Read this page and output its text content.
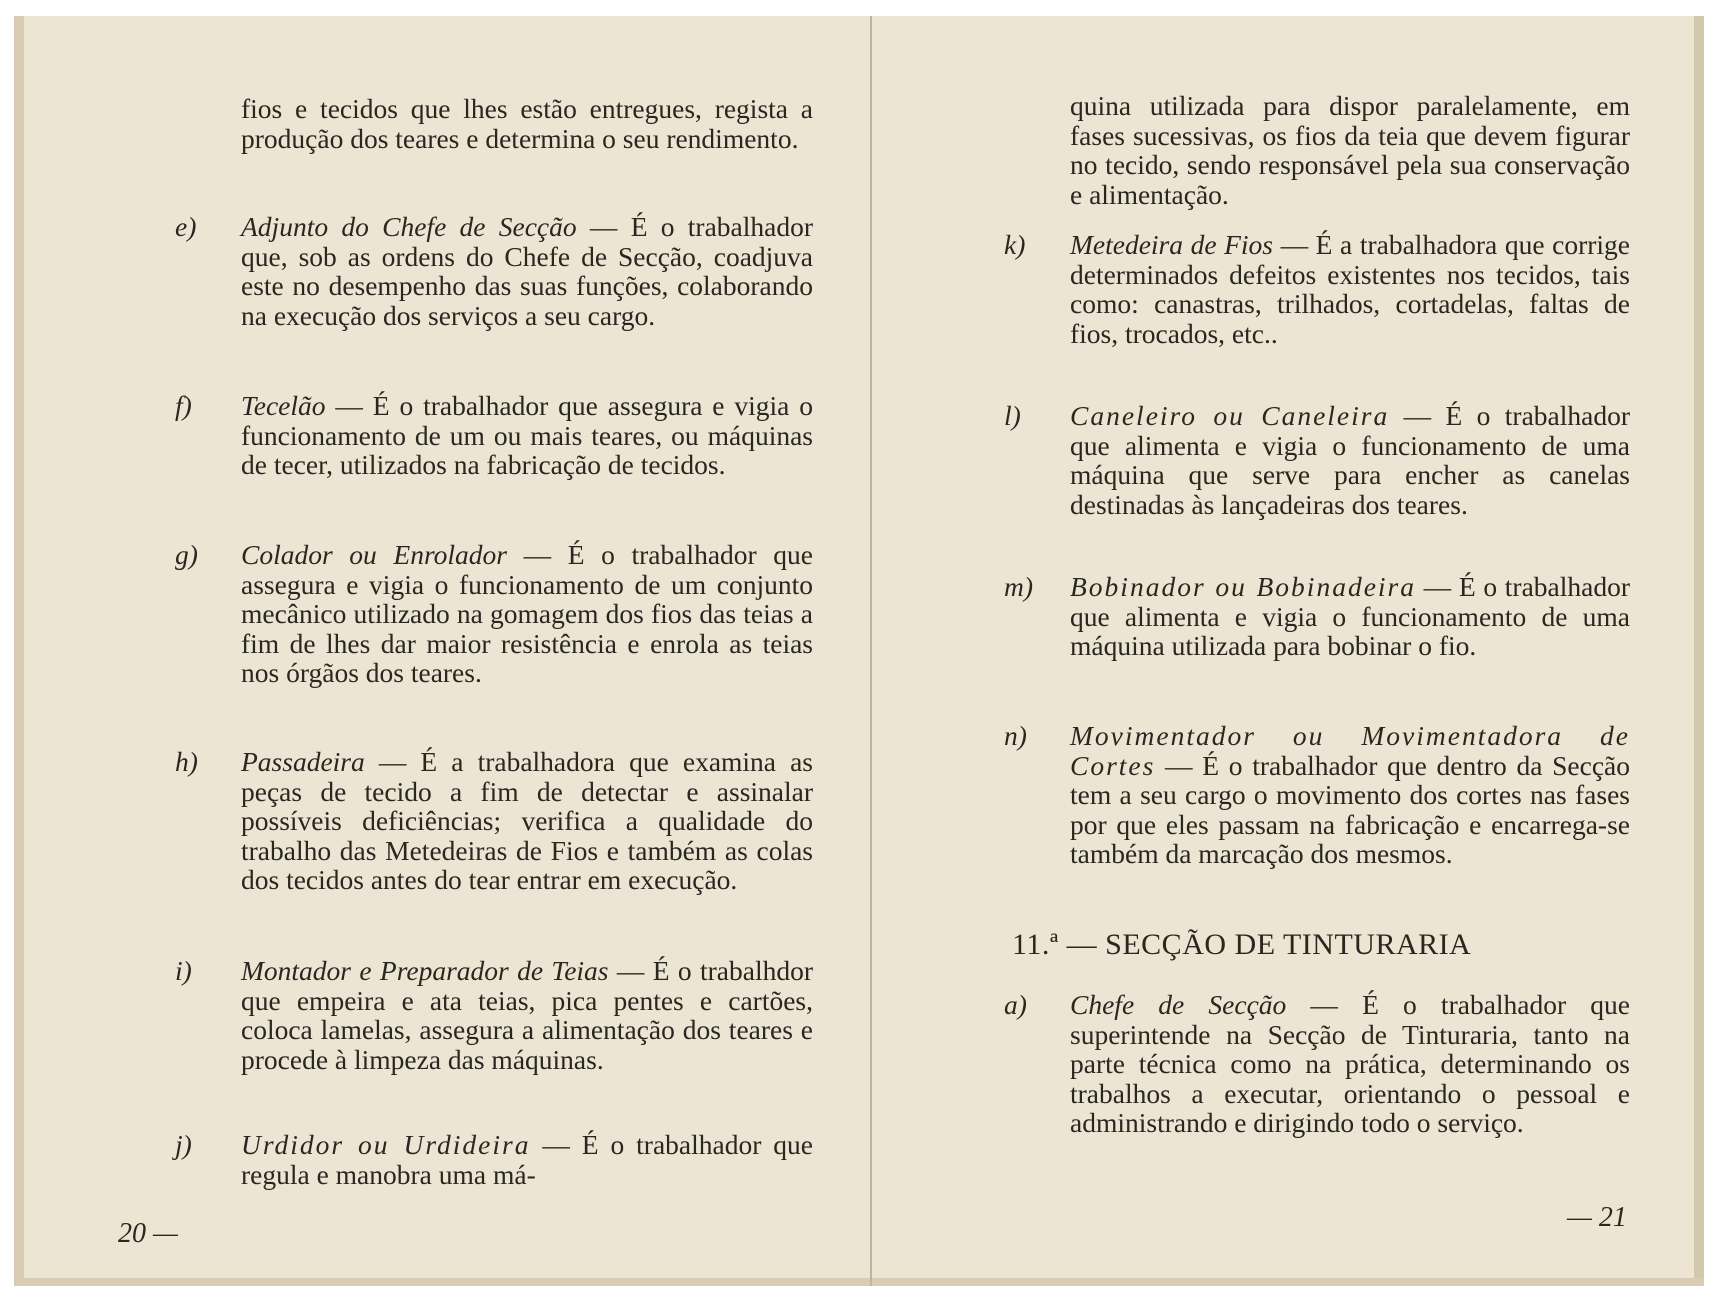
fios e tecidos que lhes estão entregues, regista a produção dos teares e determina o seu rendimento.
e) Adjunto do Chefe de Secção — É o trabalhador que, sob as ordens do Chefe de Secção, coadjuva este no desempenho das suas funções, colaborando na execução dos serviços a seu cargo.
f) Tecelão — É o trabalhador que assegura e vigia o funcionamento de um ou mais teares, ou máquinas de tecer, utilizados na fabricação de tecidos.
g) Colador ou Enrolador — É o trabalhador que assegura e vigia o funcionamento de um conjunto mecânico utilizado na gomagem dos fios das teias a fim de lhes dar maior resistência e enrola as teias nos órgãos dos teares.
h) Passadeira — É a trabalhadora que examina as peças de tecido a fim de detectar e assinalar possíveis deficiências; verifica a qualidade do trabalho das Metedeiras de Fios e também as colas dos tecidos antes do tear entrar em execução.
i) Montador e Preparador de Teias — É o trabalhdor que empeira e ata teias, pica pentes e cartões, coloca lamelas, assegura a alimentação dos teares e procede à limpeza das máquinas.
j) Urdidor ou Urdideira — É o trabalhador que regula e manobra uma má-
20 —
quina utilizada para dispor paralelamente, em fases sucessivas, os fios da teia que devem figurar no tecido, sendo responsável pela sua conservação e alimentação.
k) Metedeira de Fios — É a trabalhadora que corrige determinados defeitos existentes nos tecidos, tais como: canastras, trilhados, cortadelas, faltas de fios, trocados, etc..
l) Caneleiro ou Caneleira — É o trabalhador que alimenta e vigia o funcionamento de uma máquina que serve para encher as canelas destinadas às lançadeiras dos teares.
m) Bobinador ou Bobinadeira — É o trabalhador que alimenta e vigia o funcionamento de uma máquina utilizada para bobinar o fio.
n) Movimentador ou Movimentadora de Cortes — É o trabalhador que dentro da Secção tem a seu cargo o movimento dos cortes nas fases por que eles passam na fabricação e encarrega-se também da marcação dos mesmos.
11.ª — SECÇÃO DE TINTURARIA
a) Chefe de Secção — É o trabalhador que superintende na Secção de Tinturaria, tanto na parte técnica como na prática, determinando os trabalhos a executar, orientando o pessoal e administrando e dirigindo todo o serviço.
— 21
